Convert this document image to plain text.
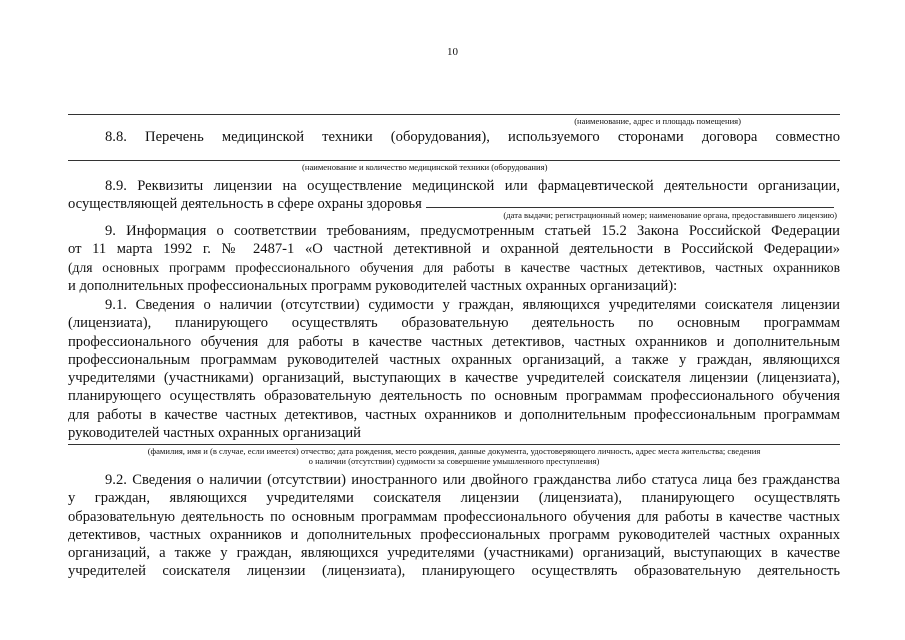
10
(наименование, адрес и площадь помещения)
8.8. Перечень медицинской техники (оборудования), используемого сторонами договора совместно
(наименование и количество медицинской техники (оборудования)
8.9. Реквизиты лицензии на осуществление медицинской или фармацевтической деятельности организации,
осуществляющей деятельность в сфере охраны здоровья
(дата выдачи; регистрационный номер; наименование органа, предоставившего лицензию)
9. Информация о соответствии требованиям, предусмотренным статьей 15.2 Закона Российской Федерации
от 11 марта 1992 г. № 2487-1 «О частной детективной и охранной деятельности в Российской Федерации»
(для основных программ профессионального обучения для работы в качестве частных детективов, частных охранников
и дополнительных профессиональных программ руководителей частных охранных организаций):
9.1. Сведения о наличии (отсутствии) судимости у граждан, являющихся учредителями соискателя лицензии
(лицензиата), планирующего осуществлять образовательную деятельность по основным программам
профессионального обучения для работы в качестве частных детективов, частных охранников и дополнительным
профессиональным программам руководителей частных охранных организаций, а также у граждан, являющихся
учредителями (участниками) организаций, выступающих в качестве учредителей соискателя лицензии (лицензиата),
планирующего осуществлять образовательную деятельность по основным программам профессионального обучения
для работы в качестве частных детективов, частных охранников и дополнительным профессиональным программам
руководителей частных охранных организаций
(фамилия, имя и (в случае, если имеется) отчество; дата рождения, место рождения, данные документа, удостоверяющего личность, адрес места жительства; сведения
о наличии (отсутствии) судимости за совершение умышленного преступления)
9.2. Сведения о наличии (отсутствии) иностранного или двойного гражданства либо статуса лица без гражданства
у граждан, являющихся учредителями соискателя лицензии (лицензиата), планирующего осуществлять
образовательную деятельность по основным программам профессионального обучения для работы в качестве частных
детективов, частных охранников и дополнительных профессиональных программ руководителей частных охранных
организаций, а также у граждан, являющихся учредителями (участниками) организаций, выступающих в качестве
учредителей соискателя лицензии (лицензиата), планирующего осуществлять образовательную деятельность
